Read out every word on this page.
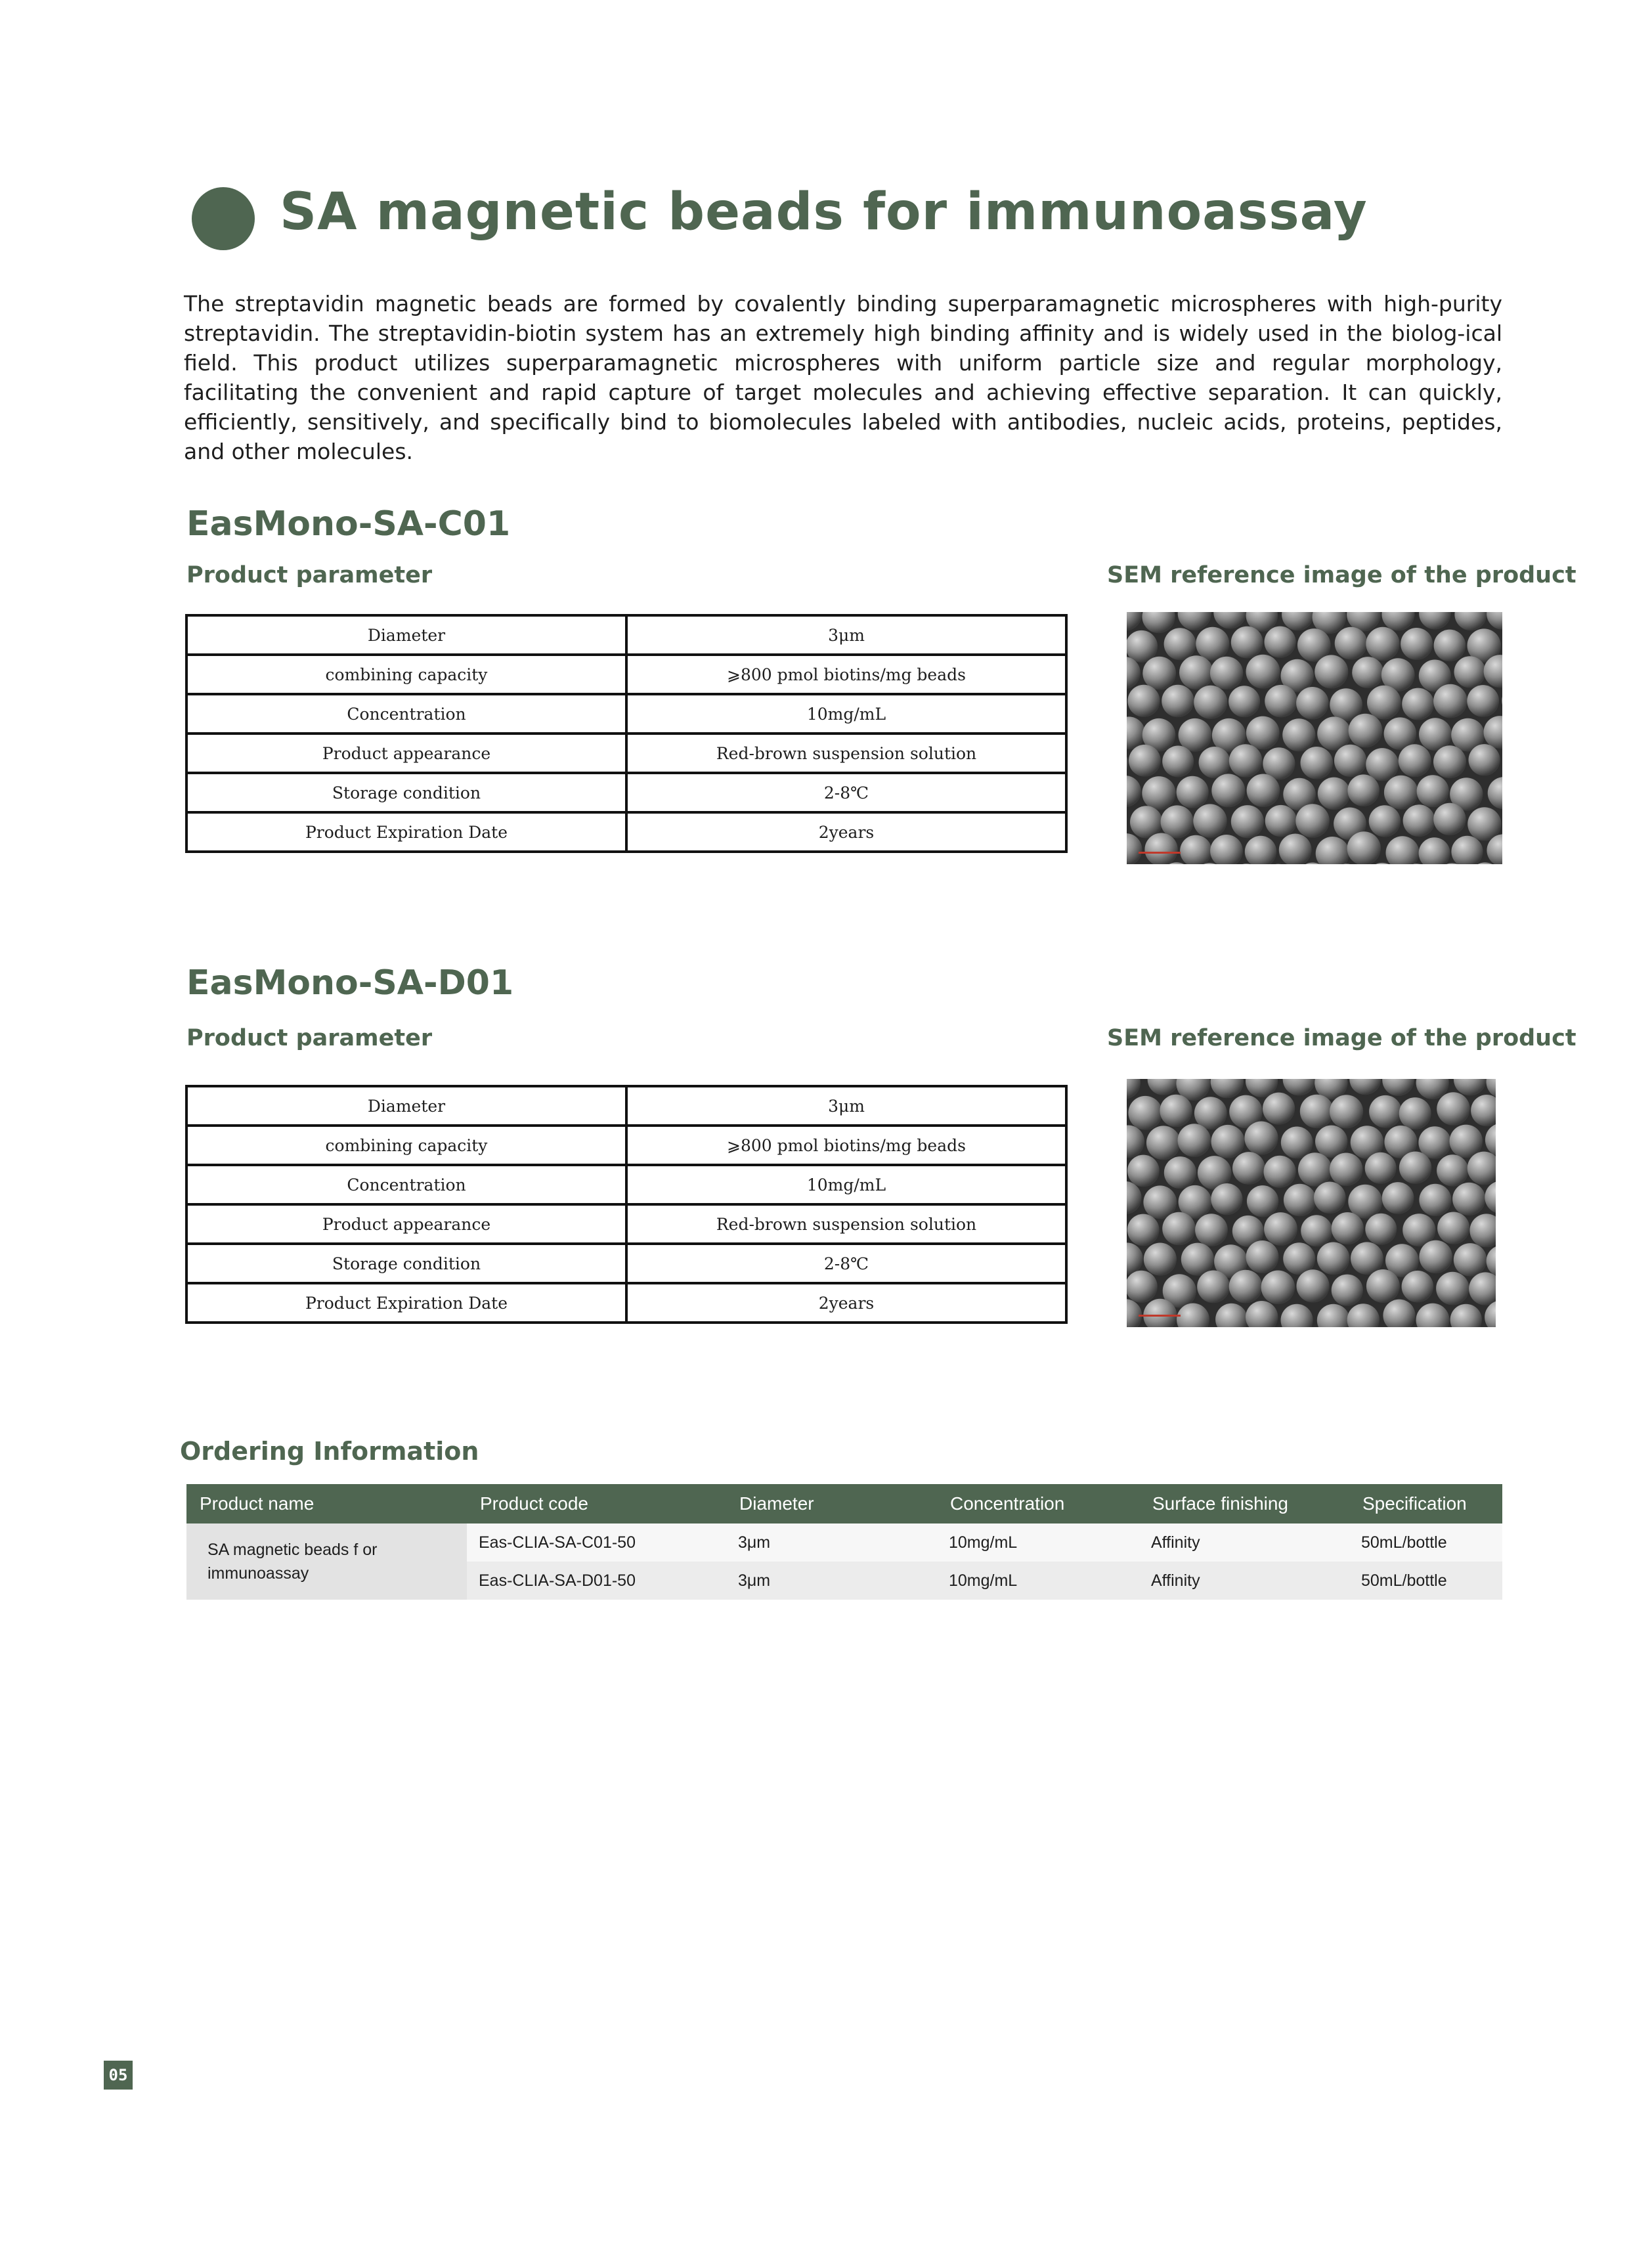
SA magnetic beads for immunoassay
The streptavidin magnetic beads are formed by covalently binding superparamagnetic microspheres with high-purity streptavidin. The streptavidin-biotin system has an extremely high binding affinity and is widely used in the biolog-ical field. This product utilizes superparamagnetic microspheres with uniform particle size and regular morphology, facilitating the convenient and rapid capture of target molecules and achieving effective separation. It can quickly, efficiently, sensitively, and specifically bind to biomolecules labeled with antibodies, nucleic acids, proteins, peptides, and other molecules.
EasMono-SA-C01
Product parameter	SEM reference image of the product
Diameter	3μm
combining capacity	⩾800 pmol biotins/mg beads
Concentration	10mg/mL
Product appearance	Red-brown suspension solution
Storage condition	2-8℃
Product Expiration Date	2years
EasMono-SA-D01
Product parameter	SEM reference image of the product
Diameter	3μm
combining capacity	⩾800 pmol biotins/mg beads
Concentration	10mg/mL
Product appearance	Red-brown suspension solution
Storage condition	2-8℃
Product Expiration Date	2years
Ordering Information
Product name	Product code	Diameter	Concentration	Surface finishing	Specification
SA magnetic beads f or immunoassay	Eas-CLIA-SA-C01-50	3μm	10mg/mL	Affinity	50mL/bottle
	Eas-CLIA-SA-D01-50	3μm	10mg/mL	Affinity	50mL/bottle
05
